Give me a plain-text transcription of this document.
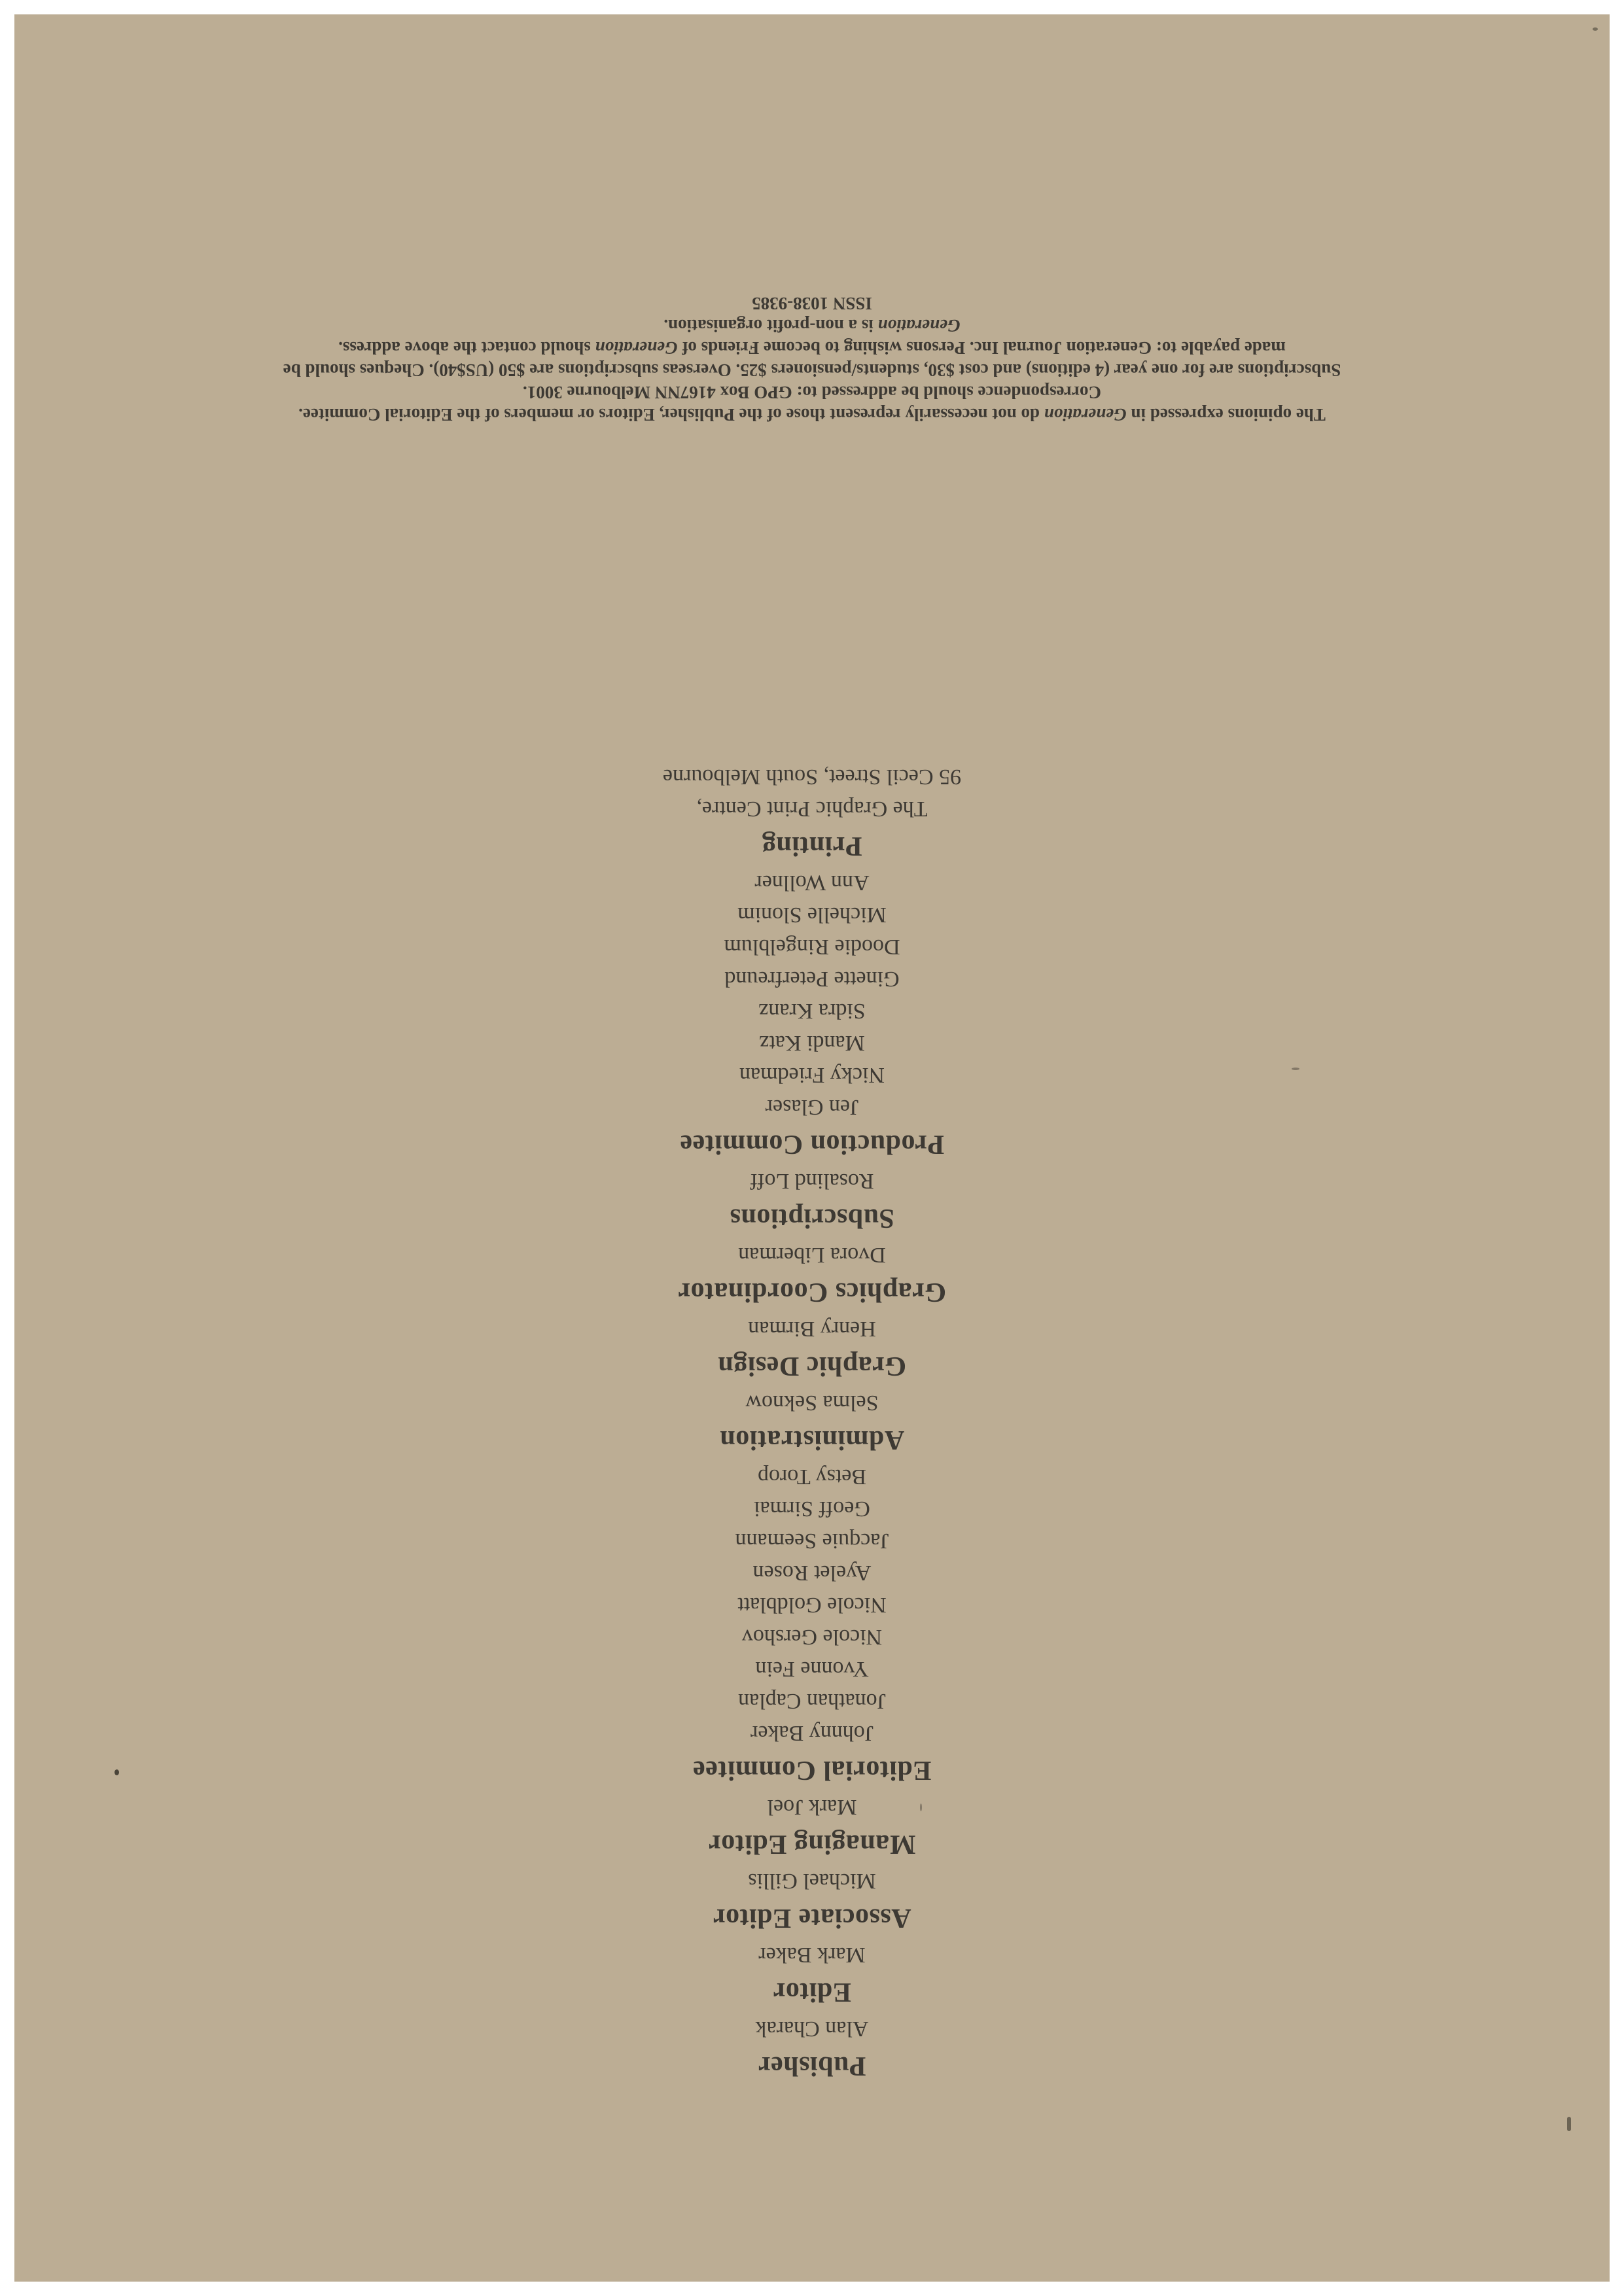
Pubisher

Alan Charak

Editor

Mark Baker

Associate Editor

Michael Gillis

Managing Editor

Mark Joel

Editorial Commitee

Johnny Baker

Jonathan Caplan

Yvonne Fein

Nicole Gershov

Nicole Goldblatt

Ayelet Rosen

Jacquie Seemann

Geoff Sirmai

Betsy Torop

Administration

Selma Seknow

Graphic Design

Henry Birman

Graphics Coordinator

Dvora Liberman

Subscriptions

Rosalind Loff

Production Commitee

Jen Glaser

Nicky Friedman

Mandi Katz

Sidra Kranz

Ginette Peterfreund

Doodie Ringelblum

Michelle Slonim

Ann Wollner

Printing

The Graphic Print Centre,

95 Cecil Street, South Melbourne

The opinions expressed in Generation do not necessarily represent those of the Publisher, Editors or members of the Editorial Commitee.

Correspondence should be addressed to: GPO Box 4167NN Melbourne 3001.

Subscriptions are for one year (4 editions) and cost $30, students/pensioners $25. Overseas subscriptions are $50 (US$40). Cheques should be

made payable to: Generation Journal Inc. Persons wishing to become Friends of Generation should contact the above address.

Generation is a non-profit organisation.

ISSN 1038-9385
